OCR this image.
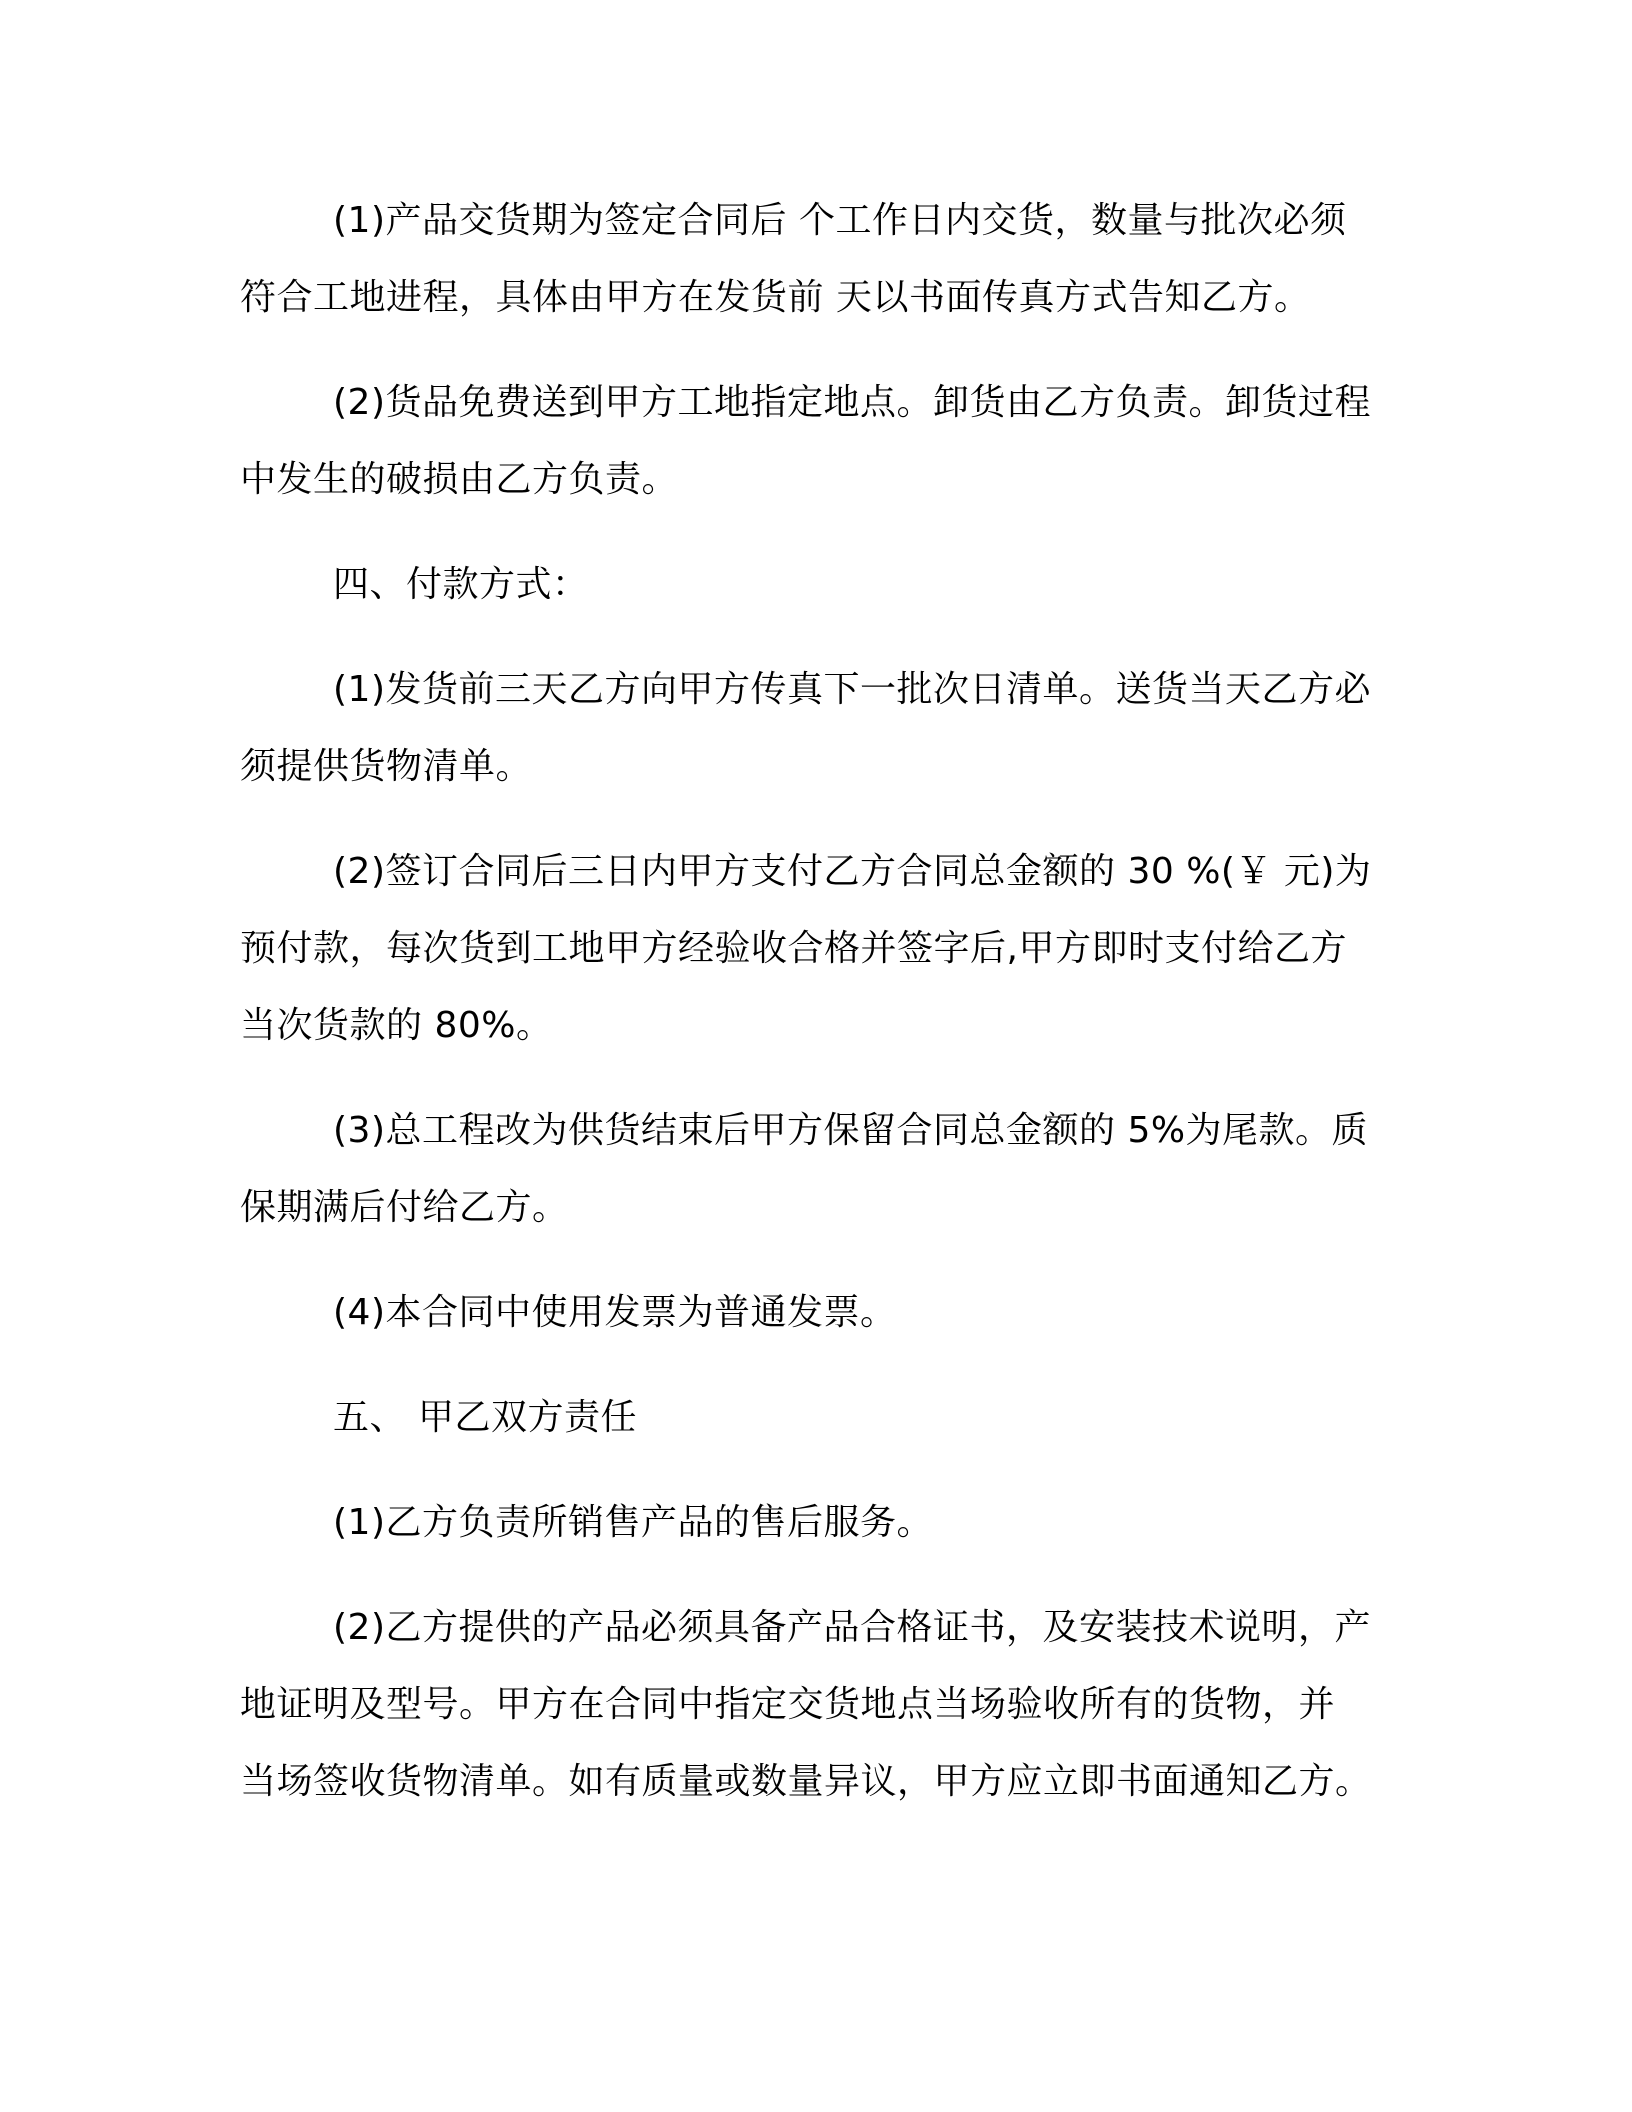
(1)产品交货期为签定合同后 个工作日内交货，数量与批次必须
符合工地进程，具体由甲方在发货前 天以书面传真方式告知乙方。

(2)货品免费送到甲方工地指定地点。卸货由乙方负责。卸货过程
中发生的破损由乙方负责。

四、付款方式：

(1)发货前三天乙方向甲方传真下一批次日清单。送货当天乙方必
须提供货物清单。

(2)签订合同后三日内甲方支付乙方合同总金额的 30 %(￥ 元)为
预付款，每次货到工地甲方经验收合格并签字后,甲方即时支付给乙方
当次货款的 80%。

(3)总工程改为供货结束后甲方保留合同总金额的 5%为尾款。质
保期满后付给乙方。

(4)本合同中使用发票为普通发票。

五、 甲乙双方责任

(1)乙方负责所销售产品的售后服务。

(2)乙方提供的产品必须具备产品合格证书，及安装技术说明，产
地证明及型号。甲方在合同中指定交货地点当场验收所有的货物，并
当场签收货物清单。如有质量或数量异议，甲方应立即书面通知乙方。
